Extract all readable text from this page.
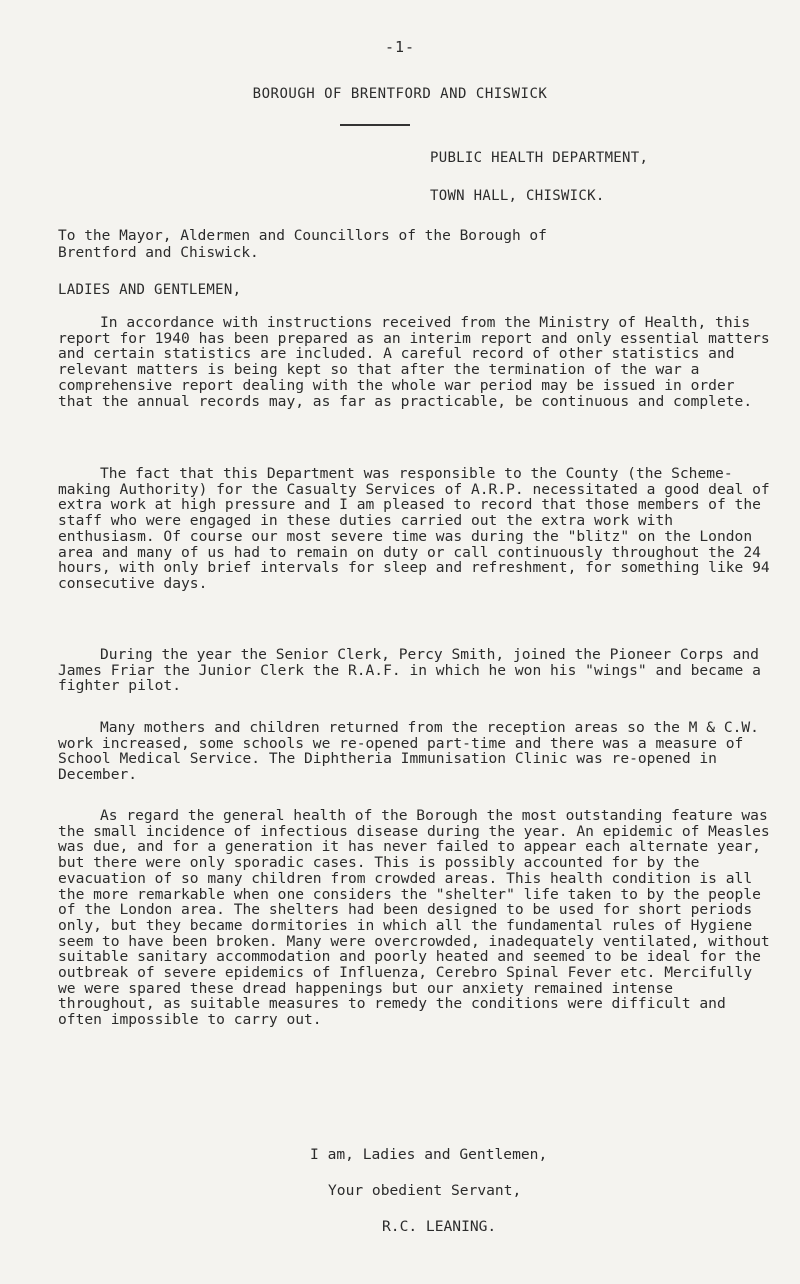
-1-
BOROUGH OF BRENTFORD AND CHISWICK
PUBLIC HEALTH DEPARTMENT,
TOWN HALL, CHISWICK.
To the Mayor, Aldermen and Councillors of the Borough of Brentford and Chiswick.
LADIES AND GENTLEMEN,

In accordance with instructions received from the Ministry of Health, this report for 1940 has been prepared as an interim report and only essential matters and certain statistics are included. A careful record of other statistics and relevant matters is being kept so that after the termination of the war a comprehensive report dealing with the whole war period may be issued in order that the annual records may, as far as practicable, be continuous and complete.

The fact that this Department was responsible to the County (the Scheme-making Authority) for the Casualty Services of A.R.P. necessitated a good deal of extra work at high pressure and I am pleased to record that those members of the staff who were engaged in these duties carried out the extra work with enthusiasm. Of course our most severe time was during the "blitz" on the London area and many of us had to remain on duty or call continuously throughout the 24 hours, with only brief intervals for sleep and refreshment, for something like 94 consecutive days.

During the year the Senior Clerk, Percy Smith, joined the Pioneer Corps and James Friar the Junior Clerk the R.A.F. in which he won his "wings" and became a fighter pilot.

Many mothers and children returned from the reception areas so the M & C.W. work increased, some schools we re-opened part-time and there was a measure of School Medical Service. The Diphtheria Immunisation Clinic was re-opened in December.

As regard the general health of the Borough the most outstanding feature was the small incidence of infectious disease during the year. An epidemic of Measles was due, and for a generation it has never failed to appear each alternate year, but there were only sporadic cases. This is possibly accounted for by the evacuation of so many children from crowded areas. This health condition is all the more remarkable when one considers the "shelter" life taken to by the people of the London area. The shelters had been designed to be used for short periods only, but they became dormitories in which all the fundamental rules of Hygiene seem to have been broken. Many were overcrowded, inadequately ventilated, without suitable sanitary accommodation and poorly heated and seemed to be ideal for the outbreak of severe epidemics of Influenza, Cerebro Spinal Fever etc. Mercifully we were spared these dread happenings but our anxiety remained intense throughout, as suitable measures to remedy the conditions were difficult and often impossible to carry out.

I am, Ladies and Gentlemen,
Your obedient Servant,
R.C. LEANING.
